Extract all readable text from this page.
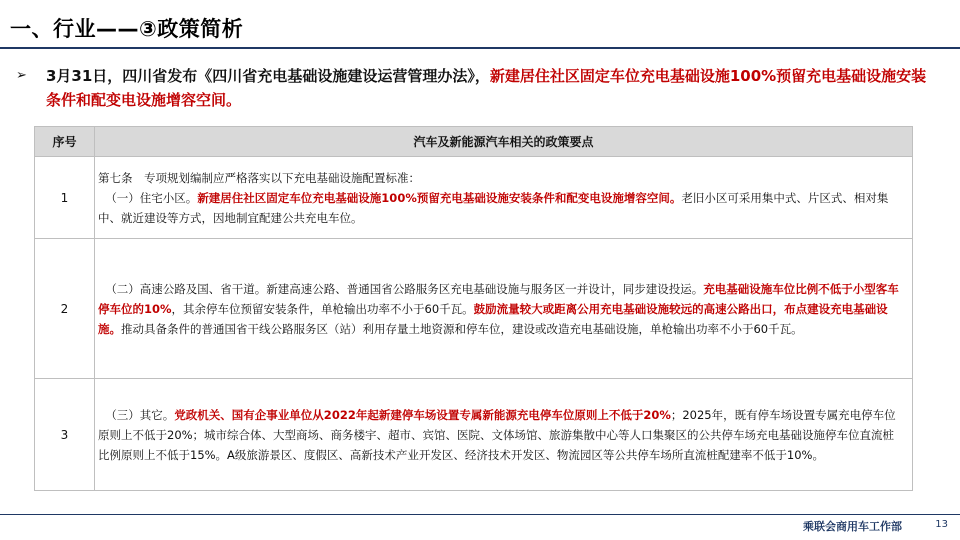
一、行业——③政策简析
➢	3月31日，四川省发布《四川省充电基础设施建设运营管理办法》，新建居住社区固定车位充电基础设施100%预留充电基础设施安装条件和配变电设施增容空间。
序号	汽车及新能源汽车相关的政策要点
1	第七条　专项规划编制应严格落实以下充电基础设施配置标准：
（一）住宅小区。新建居住社区固定车位充电基础设施100%预留充电基础设施安装条件和配变电设施增容空间。老旧小区可采用集中式、片区式、相对集中、就近建设等方式，因地制宜配建公共充电车位。

2	（二）高速公路及国、省干道。新建高速公路、普通国省公路服务区充电基础设施与服务区一并设计，同步建设投运。充电基础设施车位比例不低于小型客车停车位的10%，其余停车位预留安装条件，单枪输出功率不小于60千瓦。鼓励流量较大或距离公用充电基础设施较远的高速公路出口，布点建设充电基础设施。推动具备条件的普通国省干线公路服务区（站）利用存量土地资源和停车位，建设或改造充电基础设施，单枪输出功率不小于60千瓦。

3	（三）其它。党政机关、国有企事业单位从2022年起新建停车场设置专属新能源充电停车位原则上不低于20%；2025年，既有停车场设置专属充电停车位原则上不低于20%；城市综合体、大型商场、商务楼宇、超市、宾馆、医院、文体场馆、旅游集散中心等人口集聚区的公共停车场充电基础设施停车位直流桩比例原则上不低于15%。A级旅游景区、度假区、高新技术产业开发区、经济技术开发区、物流园区等公共停车场所直流桩配建率不低于10%。
乘联会商用车工作部	13
